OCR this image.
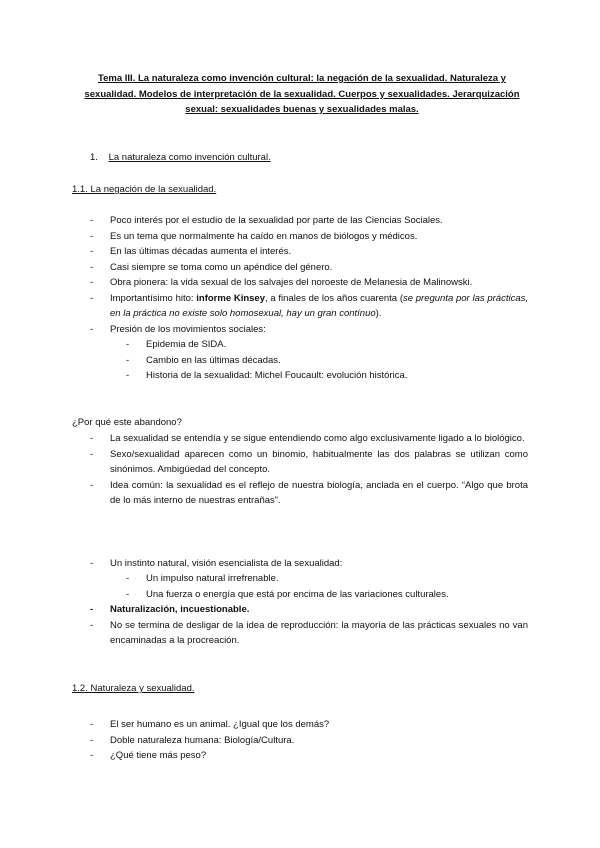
Tema III. La naturaleza como invención cultural: la negación de la sexualidad. Naturaleza y sexualidad. Modelos de interpretación de la sexualidad. Cuerpos y sexualidades. Jerarquización sexual: sexualidades buenas y sexualidades malas.
1. La naturaleza como invención cultural.
1.1. La negación de la sexualidad.
- Poco interés por el estudio de la sexualidad por parte de las Ciencias Sociales.
- Es un tema que normalmente ha caído en manos de biólogos y médicos.
- En las últimas décadas aumenta el interés.
- Casi siempre se toma como un apéndice del género.
- Obra pionera: la vida sexual de los salvajes del noroeste de Melanesia de Malinowski.
- Importantísimo hito: informe Kinsey, a finales de los años cuarenta (se pregunta por las prácticas, en la práctica no existe solo homosexual, hay un gran contínuo).
- Presión de los movimientos sociales:
- Epidemia de SIDA.
- Cambio en las últimas décadas.
- Historia de la sexualidad: Michel Foucault: evolución histórica.
¿Por qué este abandono?
- La sexualidad se entendía y se sigue entendiendo como algo exclusivamente ligado a lo biológico.
- Sexo/sexualidad aparecen como un binomio, habitualmente las dos palabras se utilizan como sinónimos. Ambigüedad del concepto.
- Idea común: la sexualidad es el reflejo de nuestra biología, anclada en el cuerpo. “Algo que brota de lo más interno de nuestras entrañas”.
- Un instinto natural, visión esencialista de la sexualidad:
- Un impulso natural irrefrenable.
- Una fuerza o energía que está por encima de las variaciones culturales.
- Naturalización, incuestionable.
- No se termina de desligar de la idea de reproducción: la mayoría de las prácticas sexuales no van encaminadas a la procreación.
1.2. Naturaleza y sexualidad.
- El ser humano es un animal. ¿Igual que los demás?
- Doble naturaleza humana: Biología/Cultura.
- ¿Qué tiene más peso?
